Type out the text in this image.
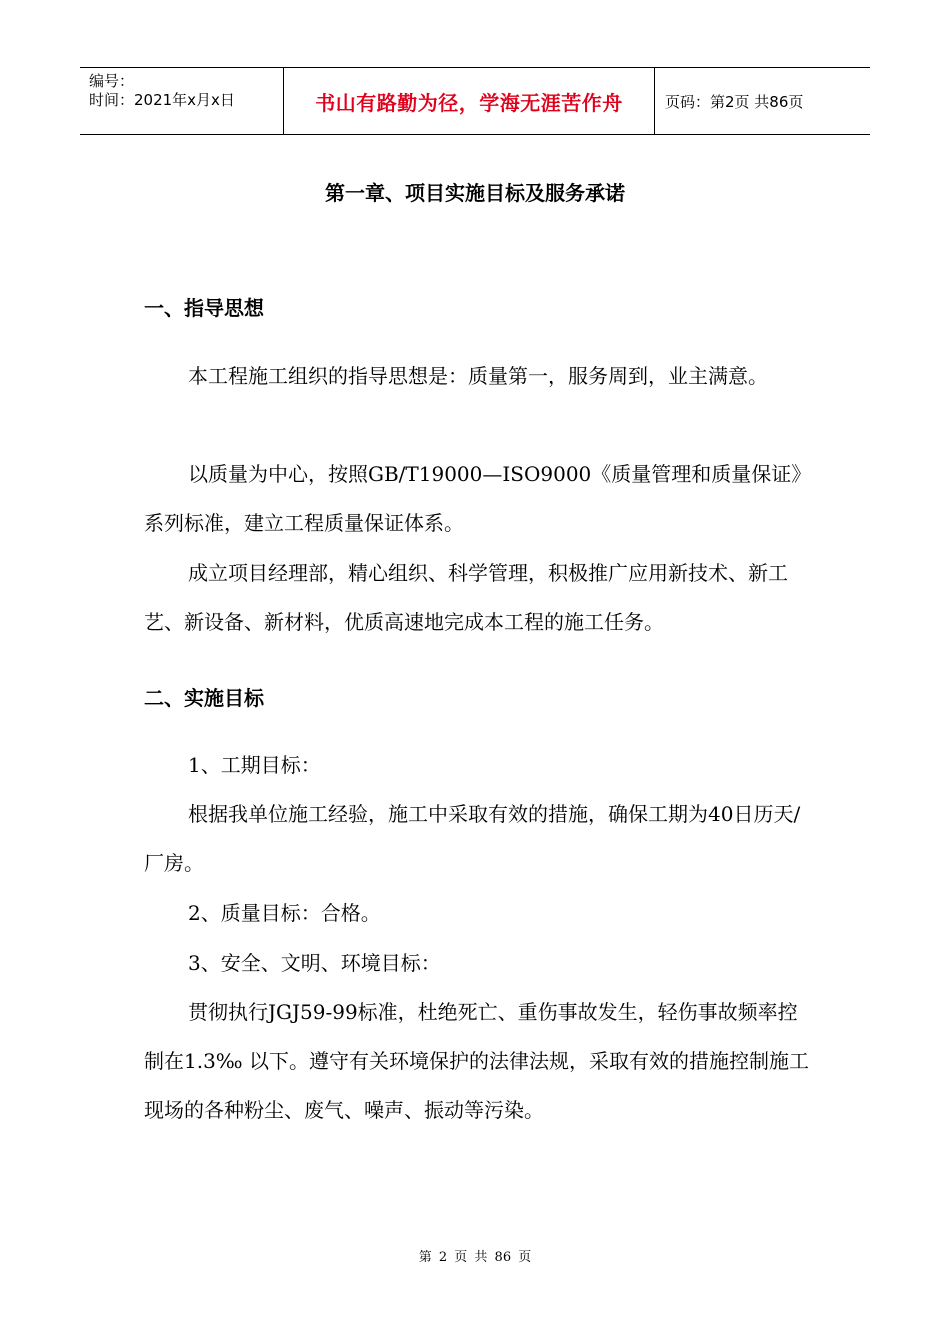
编号：
时间：2021年x月x日	书山有路勤为径，学海无涯苦作舟	页码：第2页 共86页
第一章、项目实施目标及服务承诺
一、指导思想
本工程施工组织的指导思想是：质量第一，服务周到，业主满意。
以质量为中心，按照GB/T19000—ISO9000《质量管理和质量保证》系列标准，建立工程质量保证体系。
成立项目经理部，精心组织、科学管理，积极推广应用新技术、新工艺、新设备、新材料，优质高速地完成本工程的施工任务。
二、实施目标
1、工期目标：
根据我单位施工经验，施工中采取有效的措施，确保工期为40日历天/厂房。
2、质量目标：合格。
3、安全、文明、环境目标：
贯彻执行JGJ59-99标准，杜绝死亡、重伤事故发生，轻伤事故频率控制在1.3‰ 以下。遵守有关环境保护的法律法规，采取有效的措施控制施工现场的各种粉尘、废气、噪声、振动等污染。
第 2 页 共 86 页
